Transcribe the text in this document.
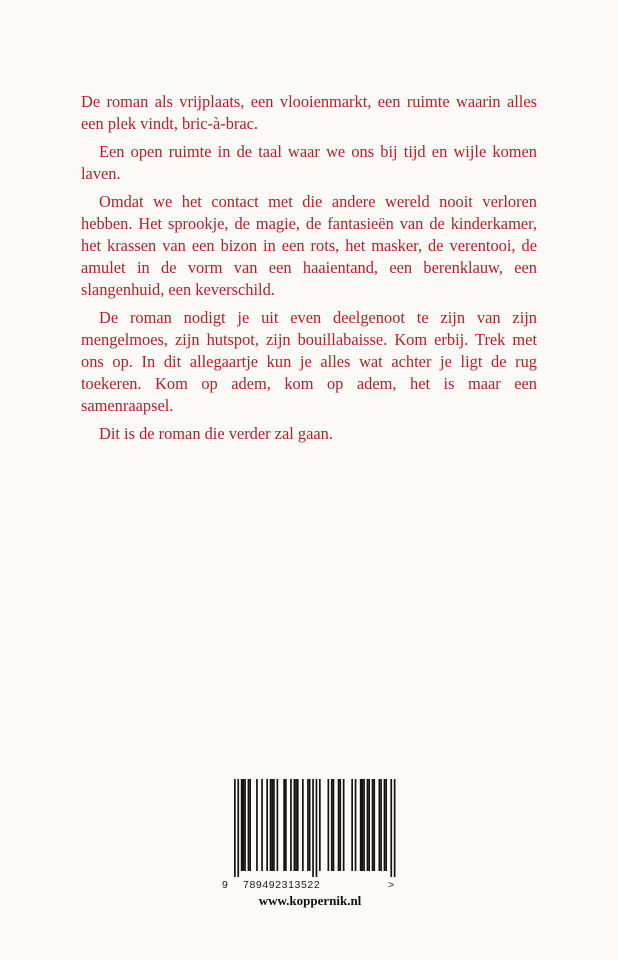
De roman als vrijplaats, een vlooienmarkt, een ruimte waarin alles een plek vindt, bric-à-brac.

Een open ruimte in de taal waar we ons bij tijd en wijle komen laven.

Omdat we het contact met die andere wereld nooit verloren hebben. Het sprookje, de magie, de fantasieën van de kinderkamer, het krassen van een bizon in een rots, het masker, de verentooi, de amulet in de vorm van een haaientand, een berenklauw, een slangenhuid, een keverschild.

De roman nodigt je uit even deelgenoot te zijn van zijn mengelmoes, zijn hutspot, zijn bouillabaisse. Kom erbij. Trek met ons op. In dit allegaartje kun je alles wat achter je ligt de rug toekeren. Kom op adem, kom op adem, het is maar een samenraapsel.

Dit is de roman die verder zal gaan.

9 789492313522	>
www.koppernik.nl
